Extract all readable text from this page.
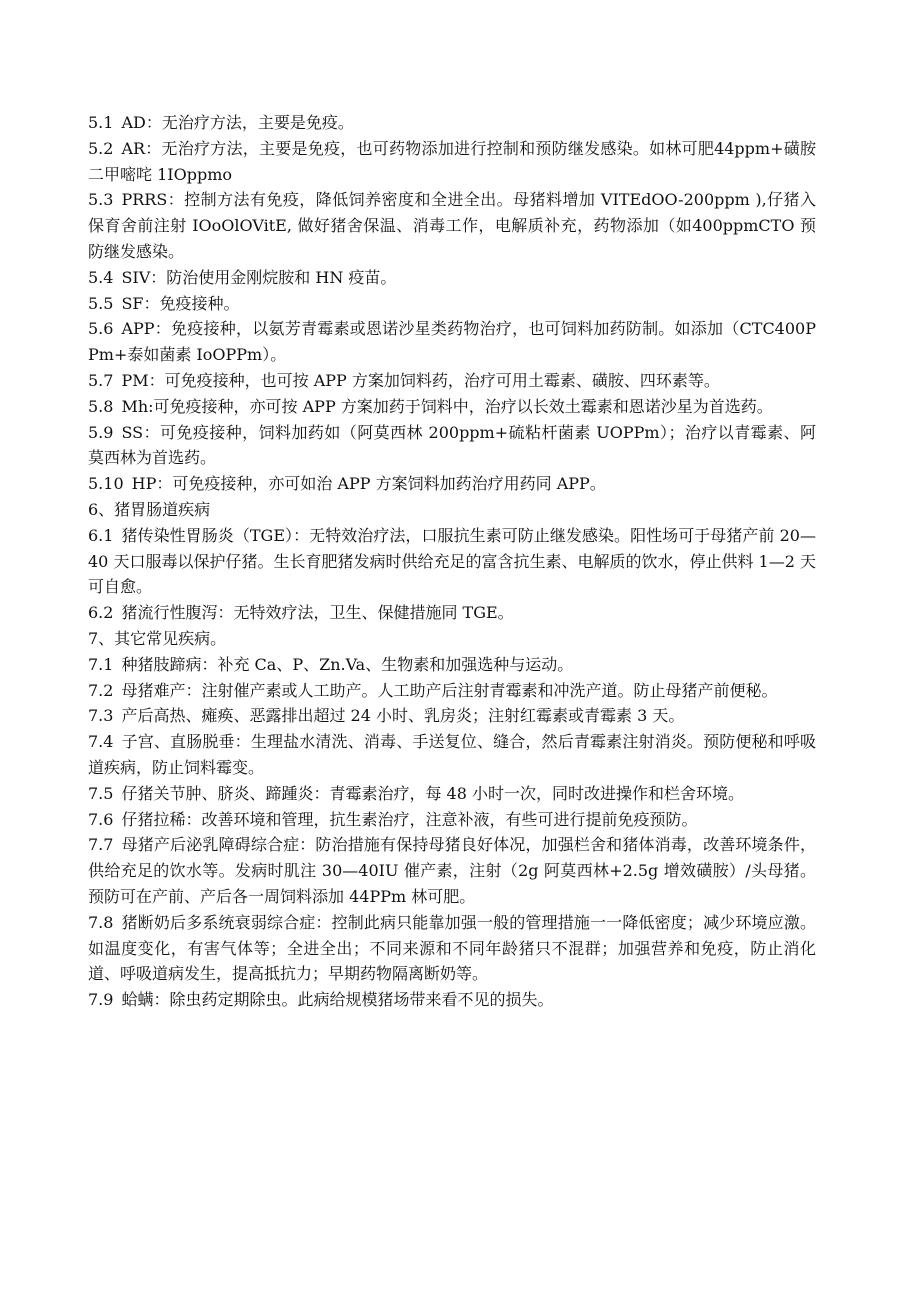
5.1 AD：无治疗方法，主要是免疫。

5.2 AR：无治疗方法，主要是免疫，也可药物添加进行控制和预防继发感染。如林可肥44ppm+磺胺二甲嘧咤 1IOppmo

5.3 PRRS：控制方法有免疫，降低饲养密度和全进全出。母猪料增加 VITEdOO-200ppm ),仔猪入保育舍前注射 IOoOlOVitE, 做好猪舍保温、消毒工作，电解质补充，药物添加（如400ppmCTO 预防继发感染。

5.4 SIV：防治使用金刚烷胺和 HN 疫苗。

5.5 SF：免疫接种。

5.6 APP：免疫接种，以氨芳青霉素或恩诺沙星类药物治疗，也可饲料加药防制。如添加（CTC400PPm+泰如菌素 IoOPPm）。

5.7 PM：可免疫接种，也可按 APP 方案加饲料药，治疗可用土霉素、磺胺、四环素等。

5.8 Mh:可免疫接种，亦可按 APP 方案加药于饲料中，治疗以长效土霉素和恩诺沙星为首选药。

5.9 SS：可免疫接种，饲料加药如（阿莫西林 200ppm+硫粘杆菌素 UOPPm）；治疗以青霉素、阿莫西林为首选药。

5.10 HP：可免疫接种，亦可如治 APP 方案饲料加药治疗用药同 APP。

6、猪胃肠道疾病

6.1 猪传染性胃肠炎（TGE）：无特效治疗法，口服抗生素可防止继发感染。阳性场可于母猪产前 20—40 天口服毒以保护仔猪。生长育肥猪发病时供给充足的富含抗生素、电解质的饮水，停止供料 1—2 天可自愈。

6.2 猪流行性腹泻：无特效疗法，卫生、保健措施同 TGE。

7、其它常见疾病。

7.1 种猪肢蹄病：补充 Ca、P、Zn.Va、生物素和加强选种与运动。

7.2 母猪难产：注射催产素或人工助产。人工助产后注射青霉素和冲洗产道。防止母猪产前便秘。

7.3 产后高热、瘫痪、恶露排出超过 24 小时、乳房炎；注射红霉素或青霉素 3 天。

7.4 子宫、直肠脱垂：生理盐水清洗、消毒、手送复位、缝合，然后青霉素注射消炎。预防便秘和呼吸道疾病，防止饲料霉变。

7.5 仔猪关节肿、脐炎、蹄踵炎：青霉素治疗，每 48 小时一次，同时改进操作和栏舍环境。

7.6 仔猪拉稀：改善环境和管理，抗生素治疗，注意补液，有些可进行提前免疫预防。

7.7 母猪产后泌乳障碍综合症：防治措施有保持母猪良好体况，加强栏舍和猪体消毒，改善环境条件，供给充足的饮水等。发病时肌注 30—40IU 催产素，注射（2g 阿莫西林+2.5g 增效磺胺）/头母猪。预防可在产前、产后各一周饲料添加 44PPm 林可肥。

7.8 猪断奶后多系统衰弱综合症：控制此病只能靠加强一般的管理措施一一降低密度；减少环境应激。如温度变化，有害气体等；全进全出；不同来源和不同年龄猪只不混群；加强营养和免疫，防止消化道、呼吸道病发生，提高抵抗力；早期药物隔离断奶等。

7.9 蛤螨：除虫药定期除虫。此病给规模猪场带来看不见的损失。
